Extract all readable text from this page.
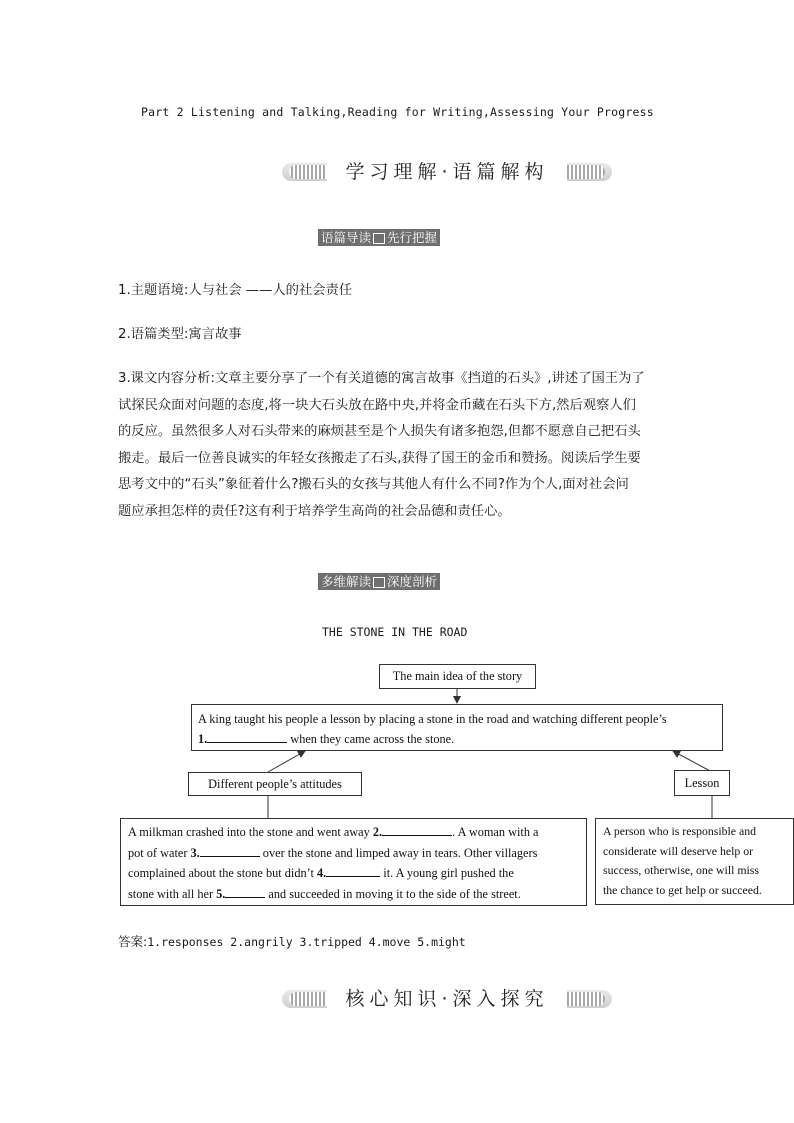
Part 2 Listening and Talking,Reading for Writing,Assessing Your Progress
学习理解·语篇解构
语篇导读 先行把握
1.主题语境:人与社会 ——人的社会责任
2.语篇类型:寓言故事
3.课文内容分析:文章主要分享了一个有关道德的寓言故事《挡道的石头》,讲述了国王为了
试探民众面对问题的态度,将一块大石头放在路中央,并将金币藏在石头下方,然后观察人们
的反应。虽然很多人对石头带来的麻烦甚至是个人损失有诸多抱怨,但都不愿意自己把石头
搬走。最后一位善良诚实的年轻女孩搬走了石头,获得了国王的金币和赞扬。阅读后学生要
思考文中的“石头”象征着什么?搬石头的女孩与其他人有什么不同?作为个人,面对社会问
题应承担怎样的责任?这有利于培养学生高尚的社会品德和责任心。
多维解读 深度剖析
THE STONE IN THE ROAD
The main idea of the story
A king taught his people a lesson by placing a stone in the road and watching different people’s
1.	when they came across the stone.
Different people’s attitudes	Lesson
A milkman crashed into the stone and went away 2.	. A woman with a
pot of water 3.	over the stone and limped away in tears. Other villagers
complained about the stone but didn’t 4.	it. A young girl pushed the
stone with all her 5.	and succeeded in moving it to the side of the street.
A person who is responsible and
considerate will deserve help or
success, otherwise, one will miss
the chance to get help or succeed.
答案:1.responses 2.angrily 3.tripped 4.move 5.might
核心知识·深入探究
